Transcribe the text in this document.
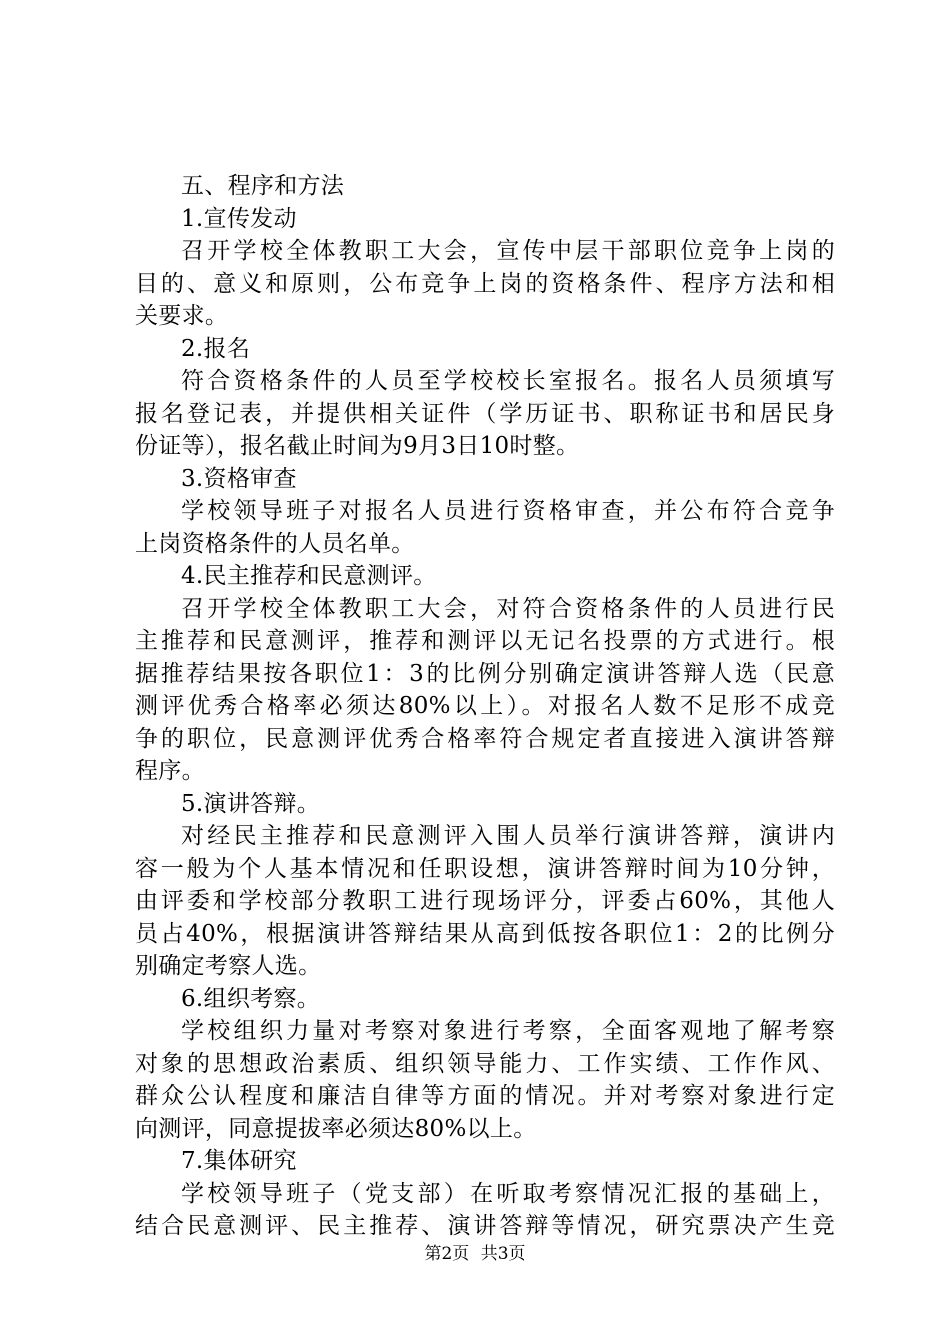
五、程序和方法
1.宣传发动
召开学校全体教职工大会，宣传中层干部职位竞争上岗的
目的、意义和原则，公布竞争上岗的资格条件、程序方法和相
关要求。
2.报名
符合资格条件的人员至学校校长室报名。报名人员须填写
报名登记表，并提供相关证件（学历证书、职称证书和居民身
份证等），报名截止时间为9月3日10时整。
3.资格审查
学校领导班子对报名人员进行资格审查，并公布符合竞争
上岗资格条件的人员名单。
4.民主推荐和民意测评。
召开学校全体教职工大会，对符合资格条件的人员进行民
主推荐和民意测评，推荐和测评以无记名投票的方式进行。根
据推荐结果按各职位1：3的比例分别确定演讲答辩人选（民意
测评优秀合格率必须达80%以上）。对报名人数不足形不成竞
争的职位，民意测评优秀合格率符合规定者直接进入演讲答辩
程序。
5.演讲答辩。
对经民主推荐和民意测评入围人员举行演讲答辩，演讲内
容一般为个人基本情况和任职设想，演讲答辩时间为10分钟，
由评委和学校部分教职工进行现场评分，评委占60%，其他人
员占40%，根据演讲答辩结果从高到低按各职位1：2的比例分
别确定考察人选。
6.组织考察。
学校组织力量对考察对象进行考察，全面客观地了解考察
对象的思想政治素质、组织领导能力、工作实绩、工作作风、
群众公认程度和廉洁自律等方面的情况。并对考察对象进行定
向测评，同意提拔率必须达80%以上。
7.集体研究
学校领导班子（党支部）在听取考察情况汇报的基础上，
结合民意测评、民主推荐、演讲答辩等情况，研究票决产生竞
第2页 共3页
